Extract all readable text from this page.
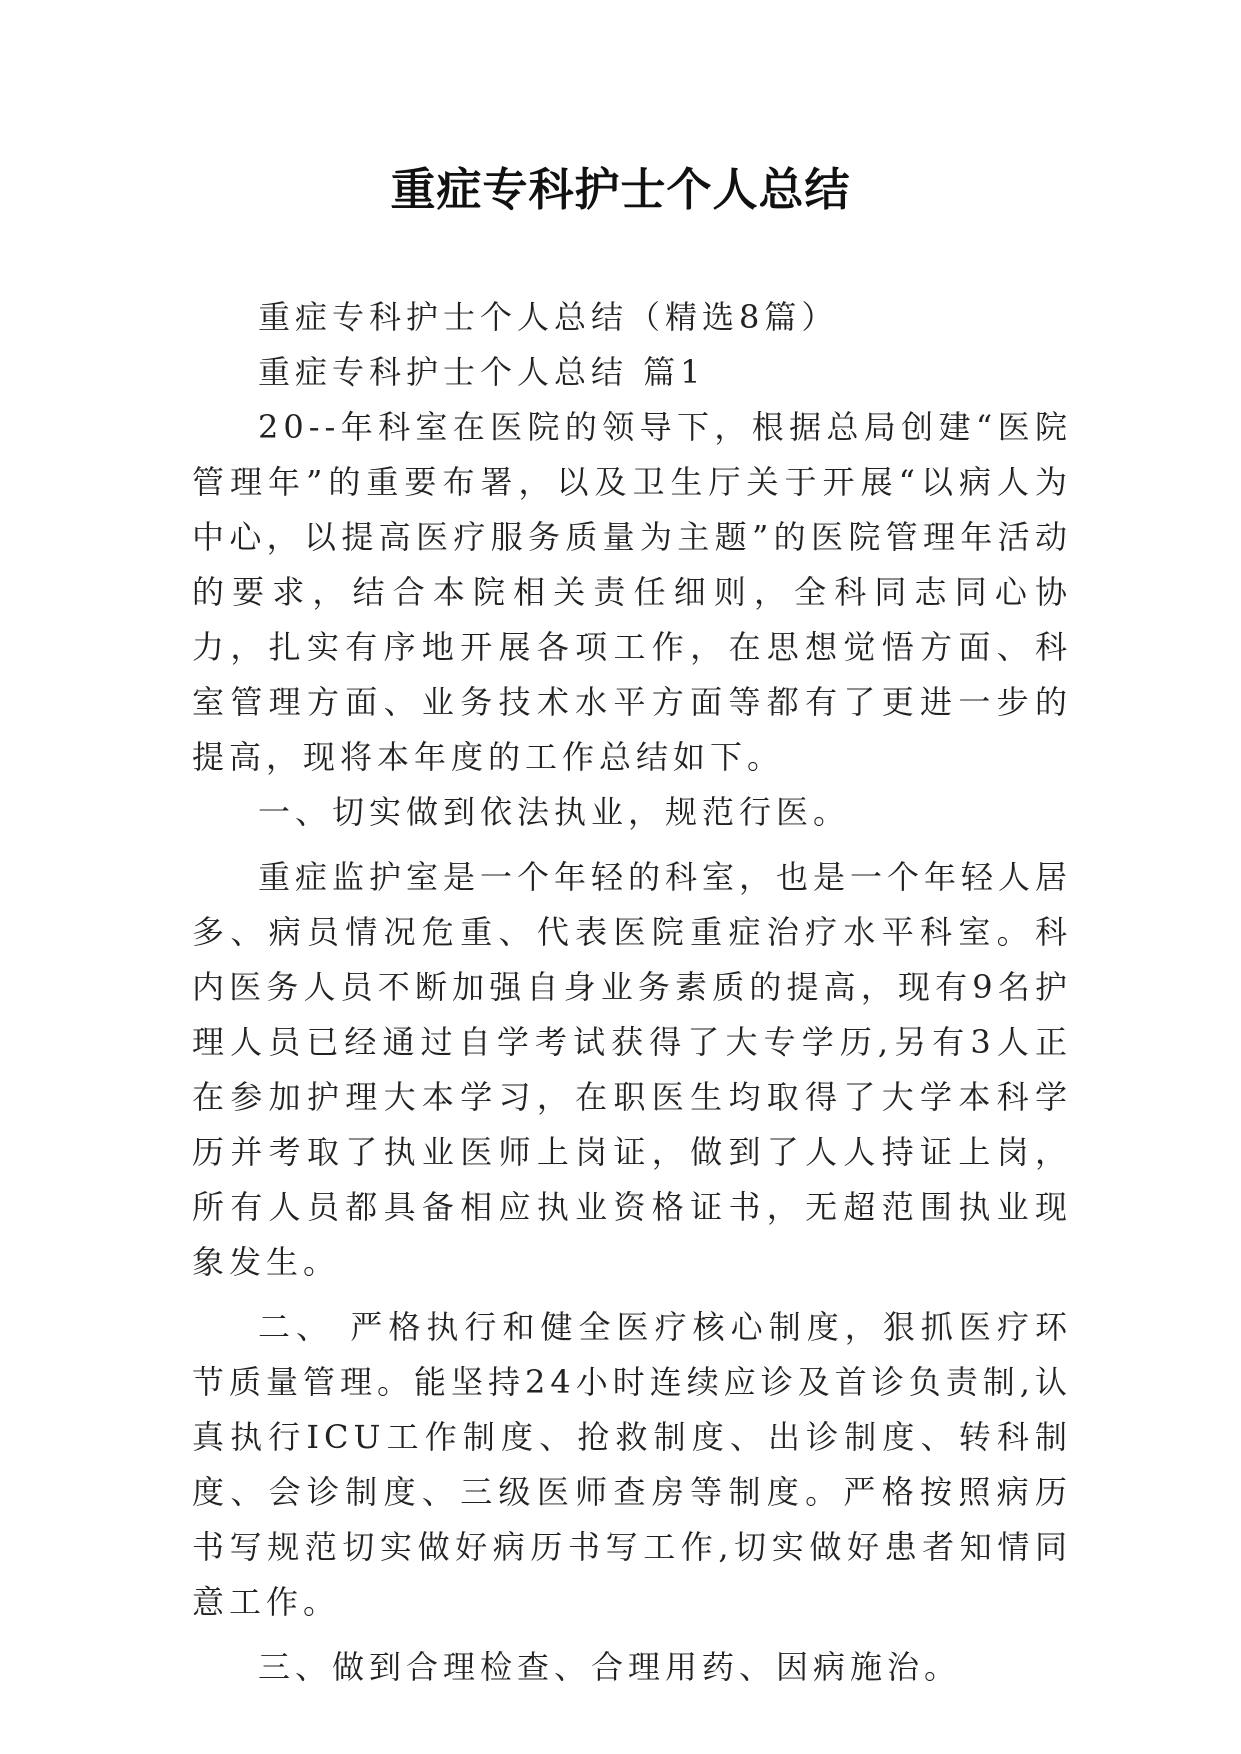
重症专科护士个人总结

重症专科护士个人总结（精选8篇）

重症专科护士个人总结 篇1

20--年科室在医院的领导下，根据总局创建“医院管理年”的重要布署，以及卫生厅关于开展“以病人为中心，以提高医疗服务质量为主题”的医院管理年活动的要求，结合本院相关责任细则，全科同志同心协力，扎实有序地开展各项工作，在思想觉悟方面、科室管理方面、业务技术水平方面等都有了更进一步的提高，现将本年度的工作总结如下。

一、切实做到依法执业，规范行医。

重症监护室是一个年轻的科室，也是一个年轻人居多、病员情况危重、代表医院重症治疗水平科室。科内医务人员不断加强自身业务素质的提高，现有9名护理人员已经通过自学考试获得了大专学历,另有3人正在参加护理大本学习，在职医生均取得了大学本科学历并考取了执业医师上岗证，做到了人人持证上岗，所有人员都具备相应执业资格证书，无超范围执业现象发生。

二、 严格执行和健全医疗核心制度，狠抓医疗环节质量管理。能坚持24小时连续应诊及首诊负责制,认真执行ICU工作制度、抢救制度、出诊制度、转科制度、会诊制度、三级医师查房等制度。严格按照病历书写规范切实做好病历书写工作,切实做好患者知情同意工作。

三、做到合理检查、合理用药、因病施治。
